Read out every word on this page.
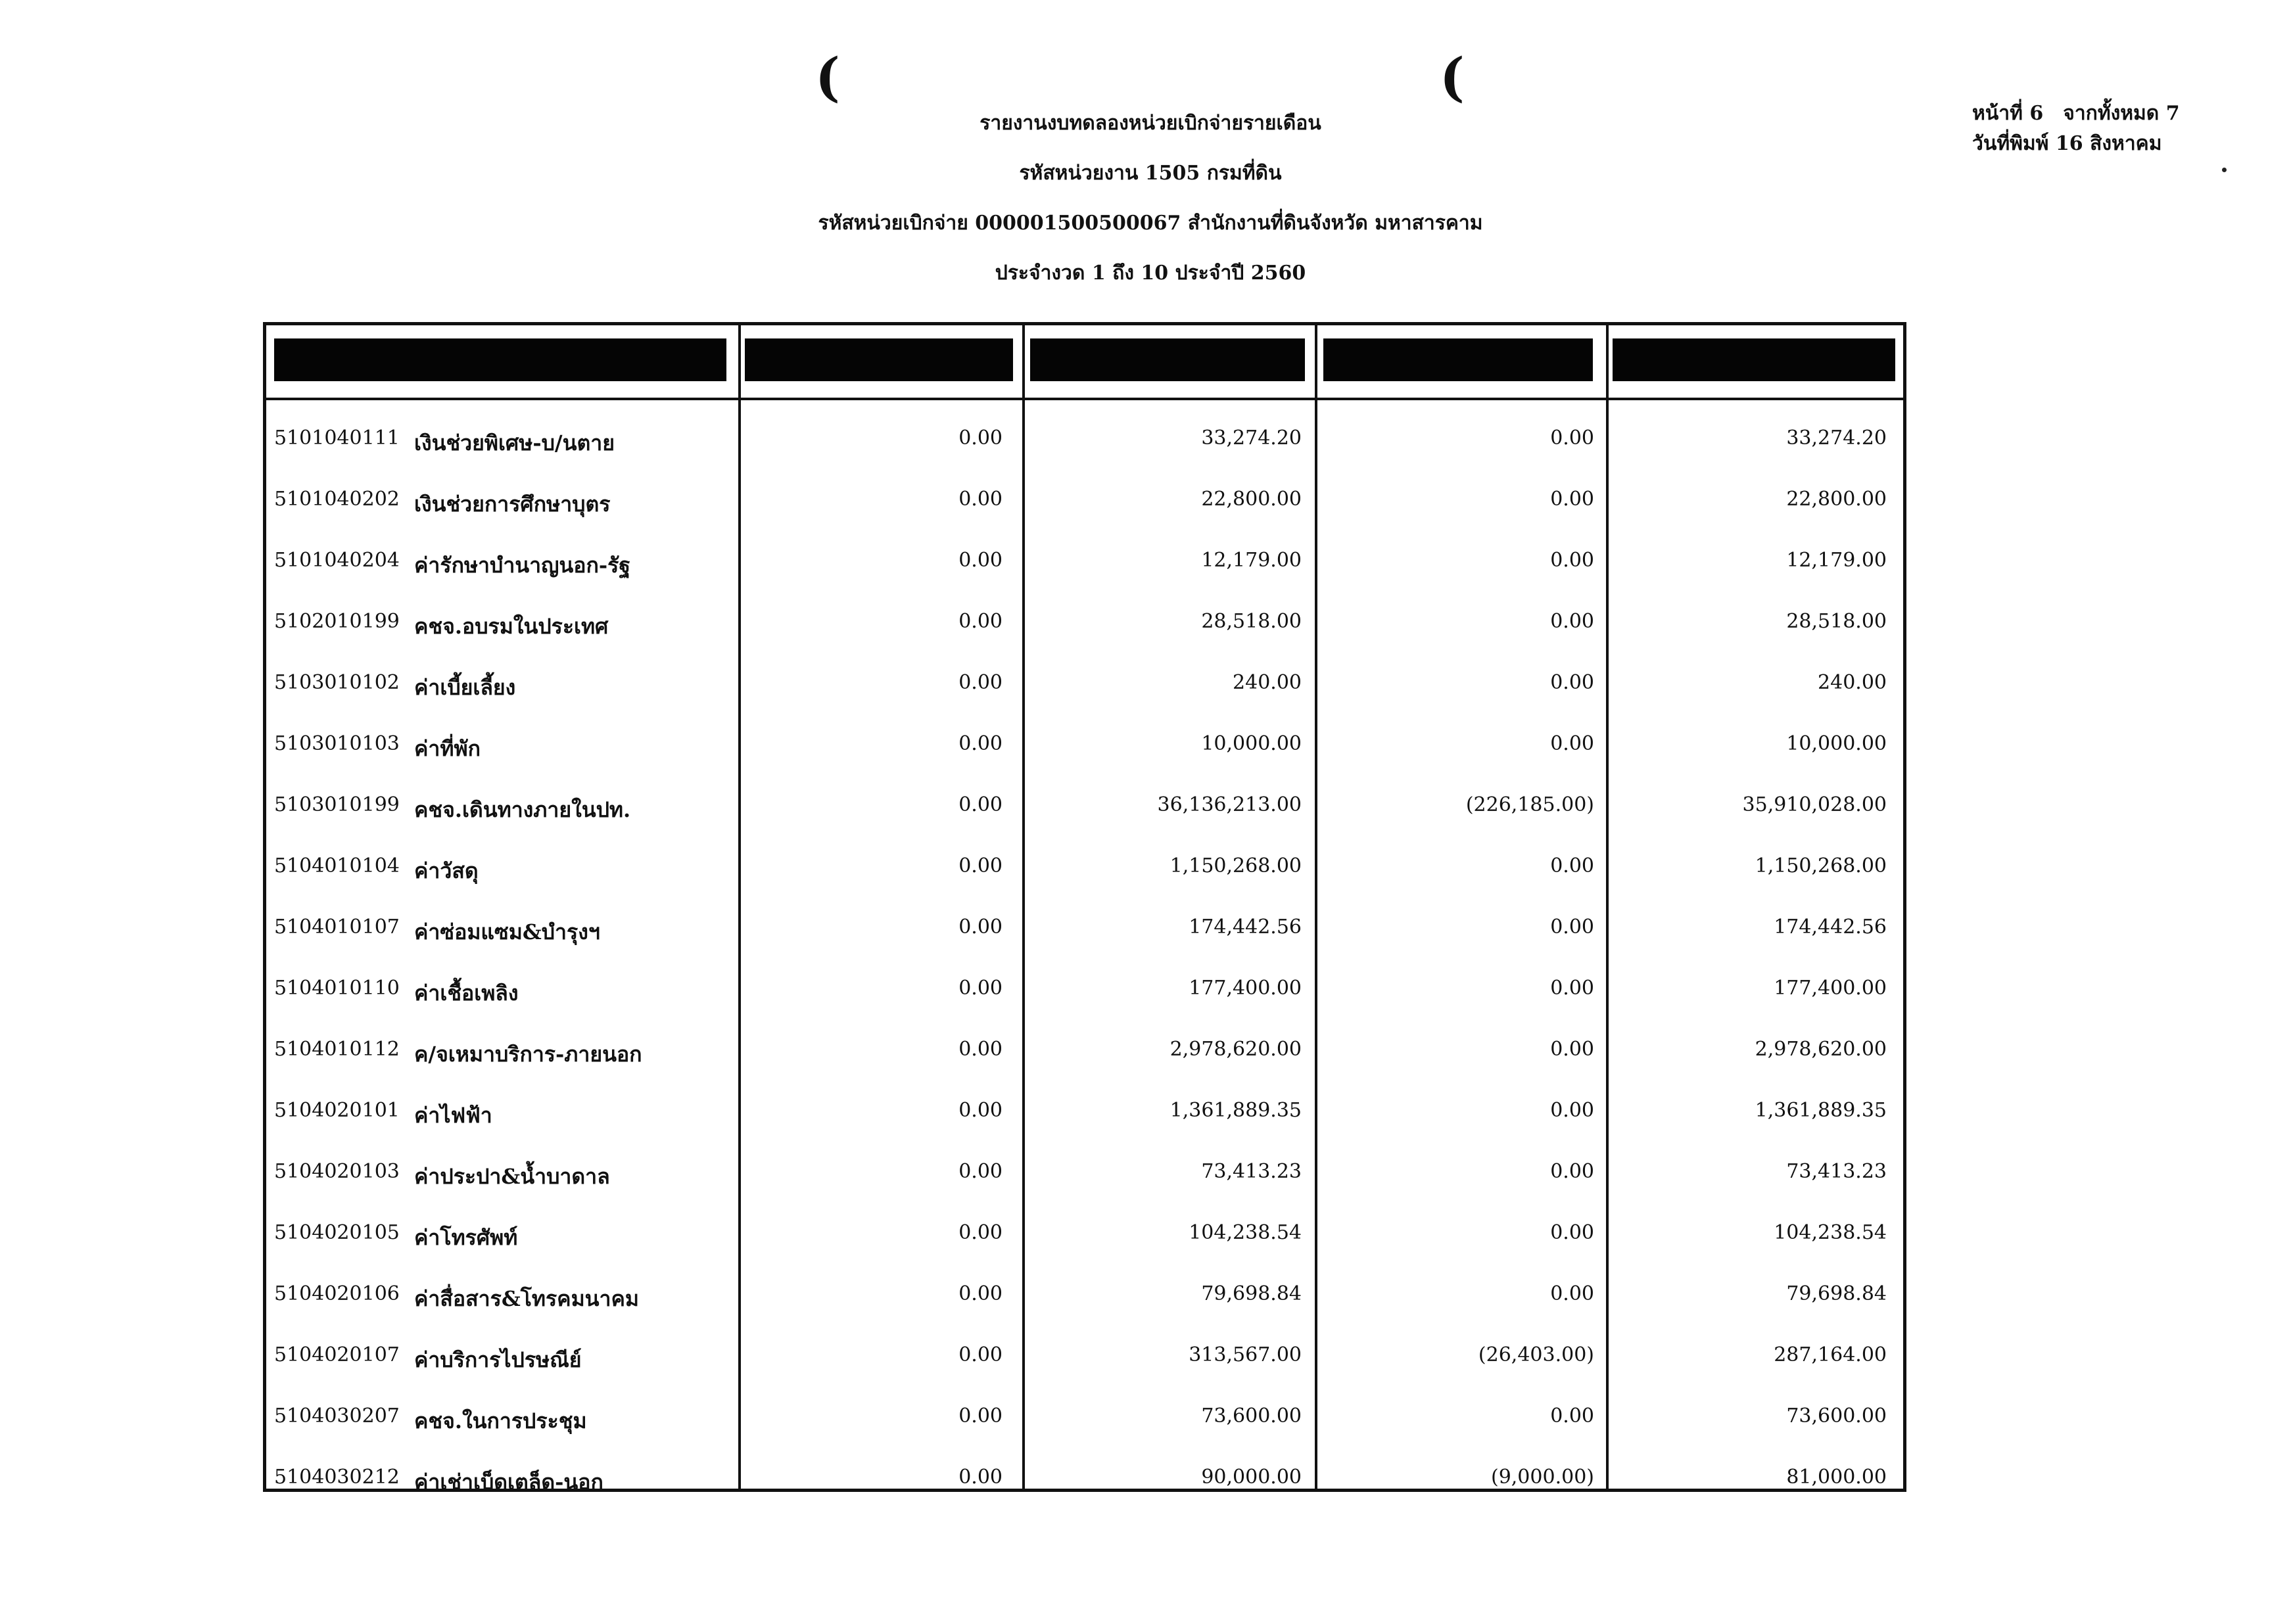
(	(
รายงานงบทดลองหน่วยเบิกจ่ายรายเดือน
รหัสหน่วยงาน 1505 กรมที่ดิน
รหัสหน่วยเบิกจ่าย 000001500500067 สำนักงานที่ดินจังหวัด มหาสารคาม
ประจำงวด 1 ถึง 10 ประจำปี 2560
หน้าที่ 6 จากทั้งหมด 7
วันที่พิมพ์ 16 สิงหาคม
5101040111 เงินช่วยพิเศษ-บ/นตาย	0.00	33,274.20	0.00	33,274.20
5101040202 เงินช่วยการศึกษาบุตร	0.00	22,800.00	0.00	22,800.00
5101040204 ค่ารักษาบำนาญนอก-รัฐ	0.00	12,179.00	0.00	12,179.00
5102010199 คชจ.อบรมในประเทศ	0.00	28,518.00	0.00	28,518.00
5103010102 ค่าเบี้ยเลี้ยง	0.00	240.00	0.00	240.00
5103010103 ค่าที่พัก	0.00	10,000.00	0.00	10,000.00
5103010199 คชจ.เดินทางภายในปท.	0.00	36,136,213.00	(226,185.00)	35,910,028.00
5104010104 ค่าวัสดุ	0.00	1,150,268.00	0.00	1,150,268.00
5104010107 ค่าซ่อมแซม&บำรุงฯ	0.00	174,442.56	0.00	174,442.56
5104010110 ค่าเชื้อเพลิง	0.00	177,400.00	0.00	177,400.00
5104010112 ค/จเหมาบริการ-ภายนอก	0.00	2,978,620.00	0.00	2,978,620.00
5104020101 ค่าไฟฟ้า	0.00	1,361,889.35	0.00	1,361,889.35
5104020103 ค่าประปา&น้ำบาดาล	0.00	73,413.23	0.00	73,413.23
5104020105 ค่าโทรศัพท์	0.00	104,238.54	0.00	104,238.54
5104020106 ค่าสื่อสาร&โทรคมนาคม	0.00	79,698.84	0.00	79,698.84
5104020107 ค่าบริการไปรษณีย์	0.00	313,567.00	(26,403.00)	287,164.00
5104030207 คชจ.ในการประชุม	0.00	73,600.00	0.00	73,600.00
5104030212 ค่าเช่าเบ็ดเตล็ด-นอก	0.00	90,000.00	(9,000.00)	81,000.00
